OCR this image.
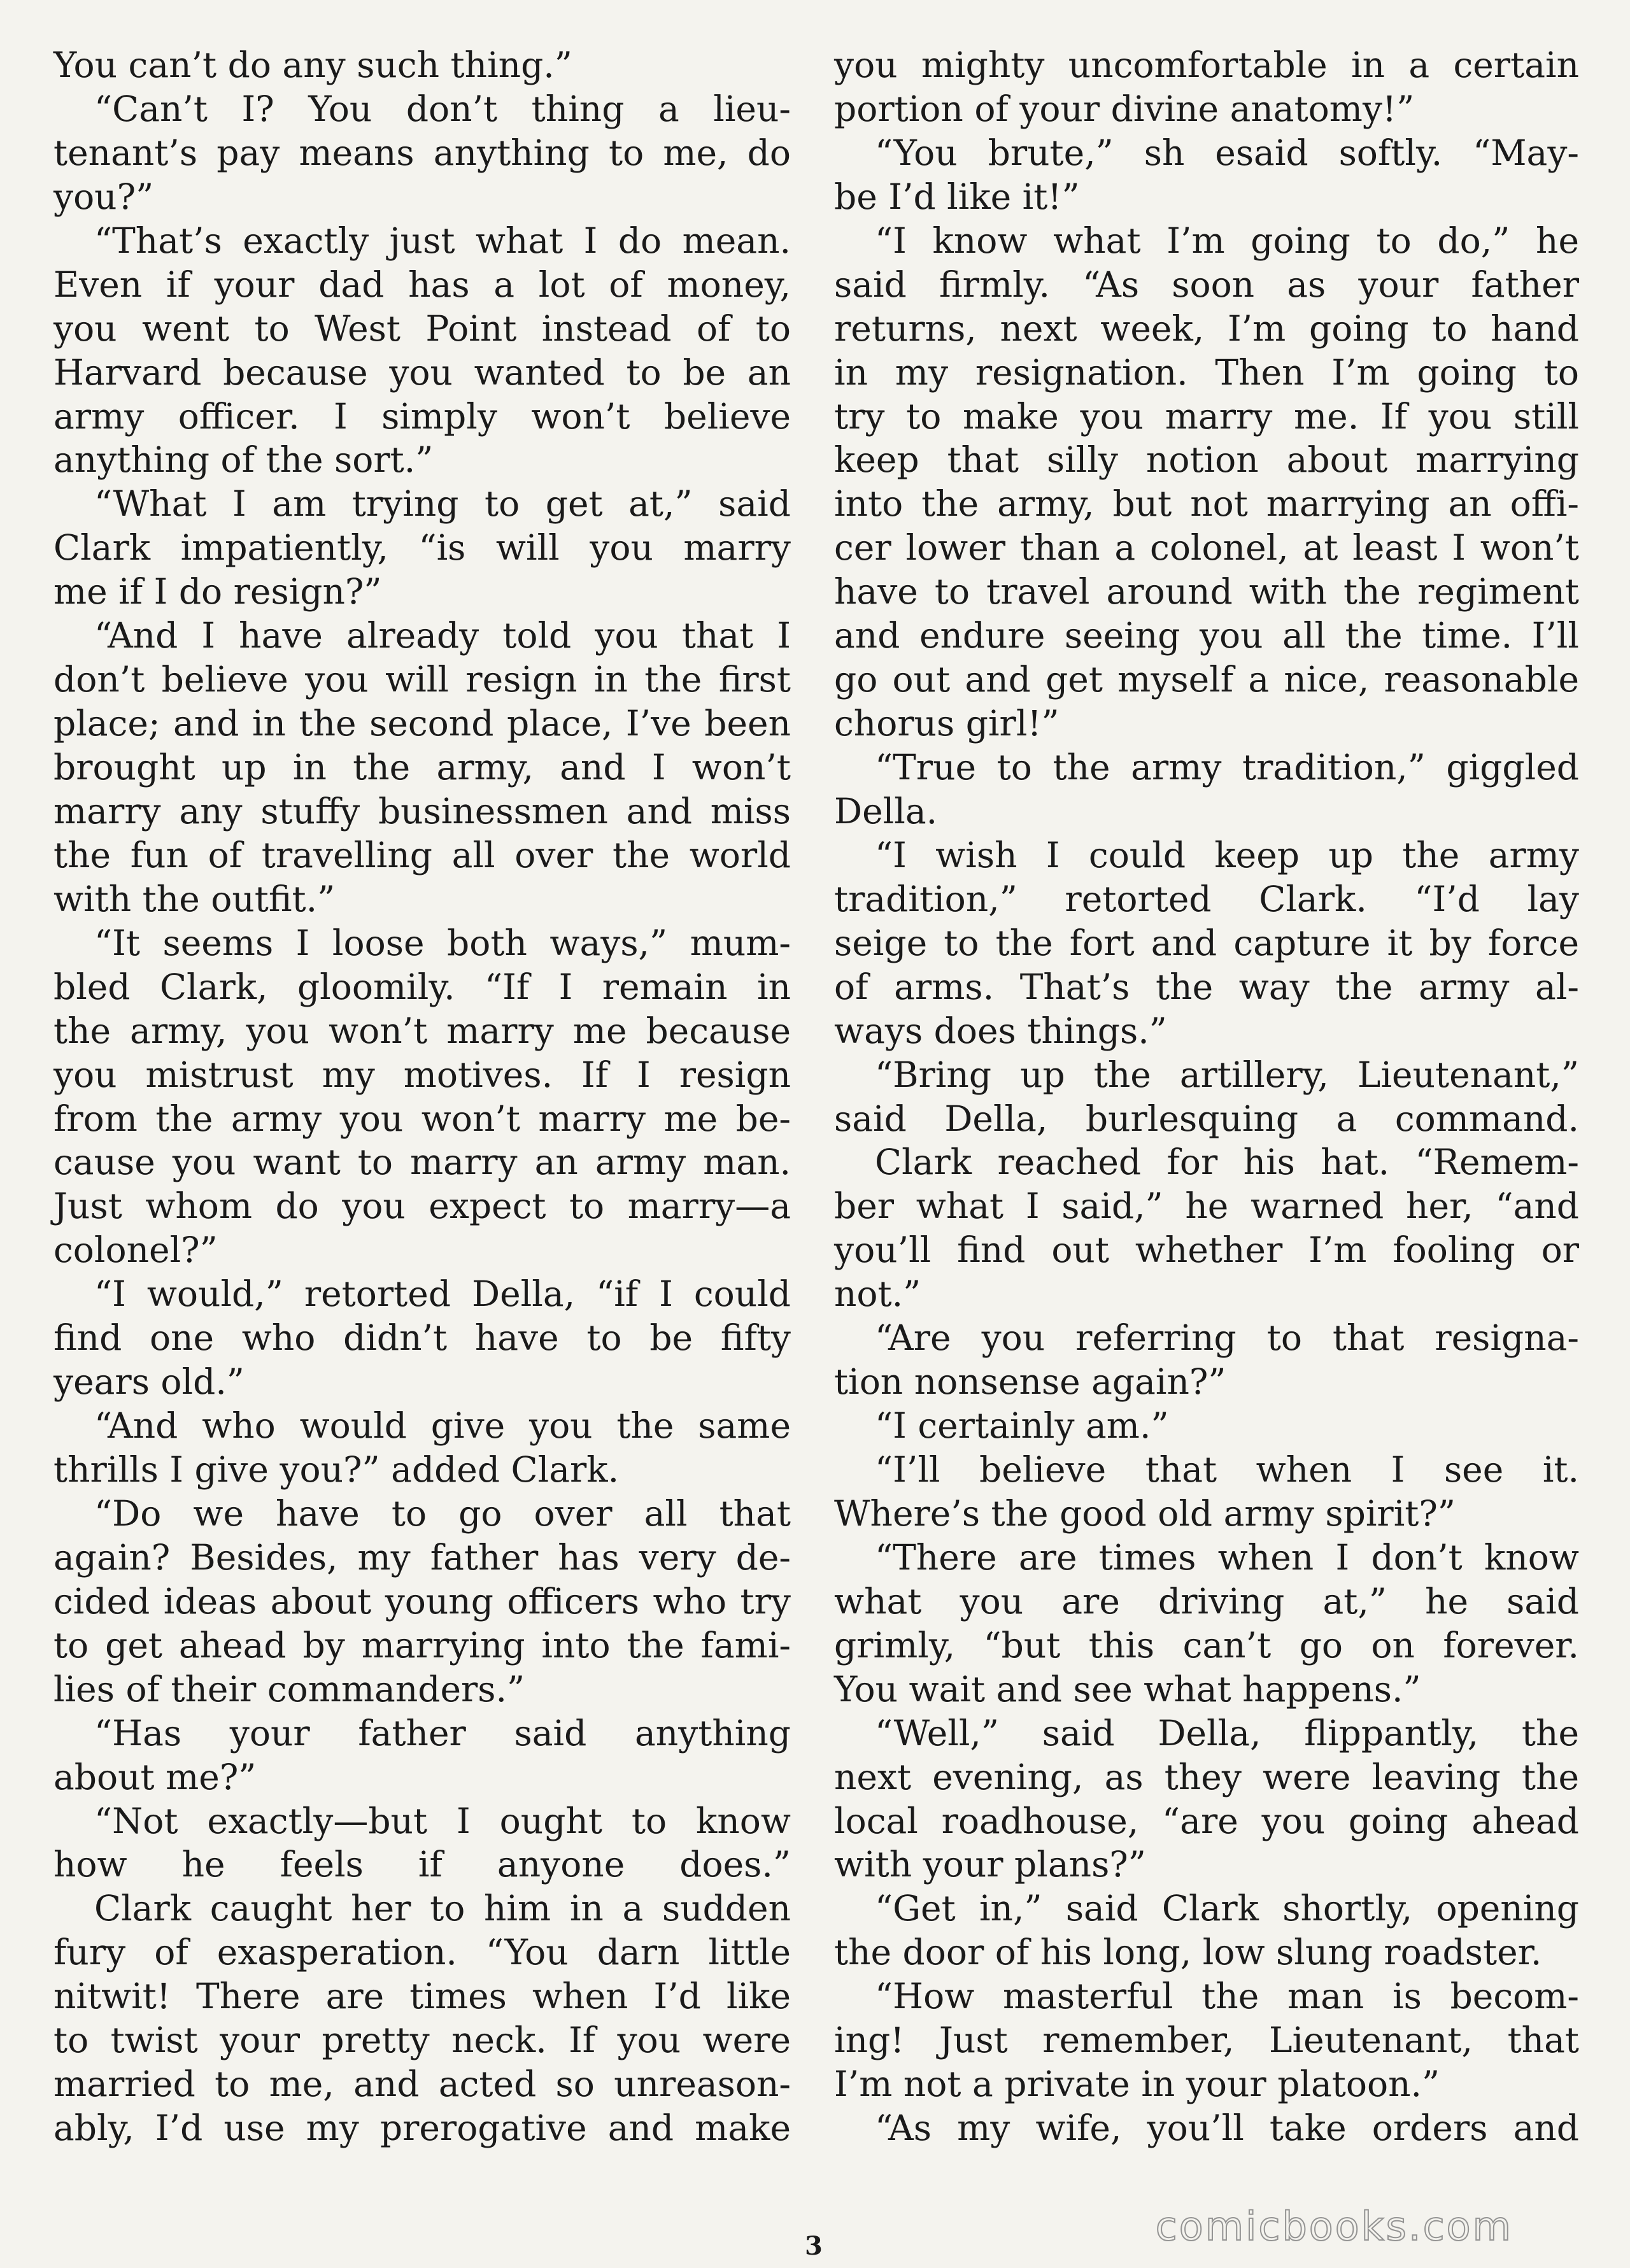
You can’t do any such thing.”
“Can’t I? You don’t thing a lieu-
tenant’s pay means anything to me, do
you?”
“That’s exactly just what I do mean.
Even if your dad has a lot of money,
you went to West Point instead of to
Harvard because you wanted to be an
army officer. I simply won’t believe
anything of the sort.”
“What I am trying to get at,” said
Clark impatiently, “is will you marry
me if I do resign?”
“And I have already told you that I
don’t believe you will resign in the first
place; and in the second place, I’ve been
brought up in the army, and I won’t
marry any stuffy businessmen and miss
the fun of travelling all over the world
with the outfit.”
“It seems I loose both ways,” mum-
bled Clark, gloomily. “If I remain in
the army, you won’t marry me because
you mistrust my motives. If I resign
from the army you won’t marry me be-
cause you want to marry an army man.
Just whom do you expect to marry—a
colonel?”
“I would,” retorted Della, “if I could
find one who didn’t have to be fifty
years old.”
“And who would give you the same
thrills I give you?” added Clark.
“Do we have to go over all that
again? Besides, my father has very de-
cided ideas about young officers who try
to get ahead by marrying into the fami-
lies of their commanders.”
“Has your father said anything
about me?”
“Not exactly—but I ought to know
how he feels if anyone does.”
Clark caught her to him in a sudden
fury of exasperation. “You darn little
nitwit! There are times when I’d like
to twist your pretty neck. If you were
married to me, and acted so unreason-
ably, I’d use my prerogative and make
you mighty uncomfortable in a certain
portion of your divine anatomy!”
“You brute,” sh esaid softly. “May-
be I’d like it!”
“I know what I’m going to do,” he
said firmly. “As soon as your father
returns, next week, I’m going to hand
in my resignation. Then I’m going to
try to make you marry me. If you still
keep that silly notion about marrying
into the army, but not marrying an offi-
cer lower than a colonel, at least I won’t
have to travel around with the regiment
and endure seeing you all the time. I’ll
go out and get myself a nice, reasonable
chorus girl!”
“True to the army tradition,” giggled
Della.
“I wish I could keep up the army
tradition,” retorted Clark. “I’d lay
seige to the fort and capture it by force
of arms. That’s the way the army al-
ways does things.”
“Bring up the artillery, Lieutenant,”
said Della, burlesquing a command.
Clark reached for his hat. “Remem-
ber what I said,” he warned her, “and
you’ll find out whether I’m fooling or
not.”
“Are you referring to that resigna-
tion nonsense again?”
“I certainly am.”
“I’ll believe that when I see it.
Where’s the good old army spirit?”
“There are times when I don’t know
what you are driving at,” he said
grimly, “but this can’t go on forever.
You wait and see what happens.”
“Well,” said Della, flippantly, the
next evening, as they were leaving the
local roadhouse, “are you going ahead
with your plans?”
“Get in,” said Clark shortly, opening
the door of his long, low slung roadster.
“How masterful the man is becom-
ing! Just remember, Lieutenant, that
I’m not a private in your platoon.”
“As my wife, you’ll take orders and
3	comicbooks.com
